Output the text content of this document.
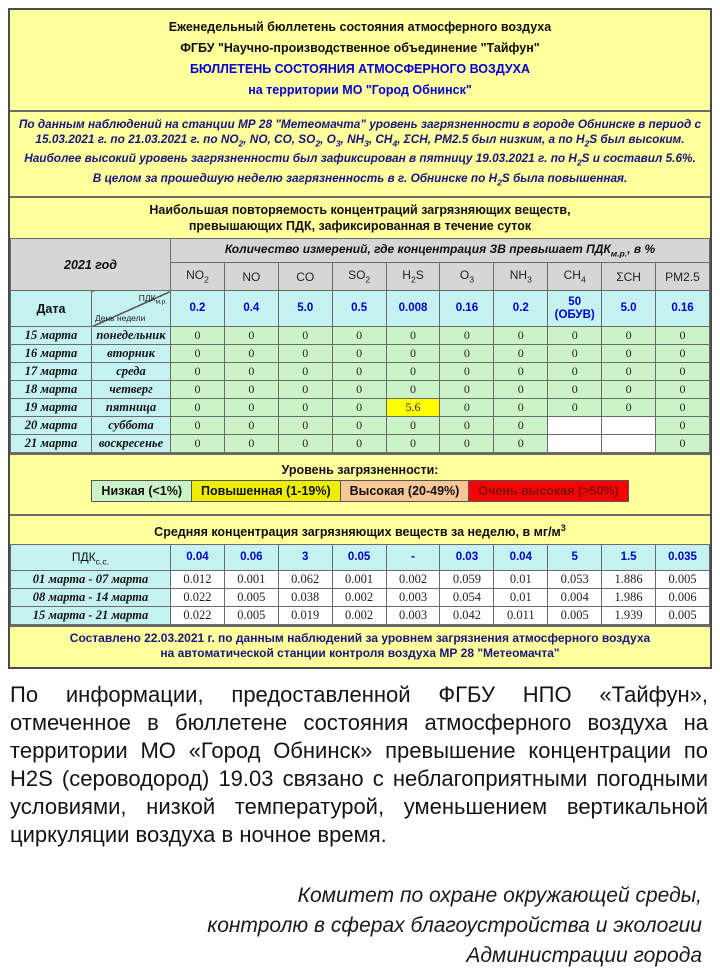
Еженедельный бюллетень состояния атмосферного воздуха
ФГБУ "Научно-производственное объединение "Тайфун"
БЮЛЛЕТЕНЬ СОСТОЯНИЯ АТМОСФЕРНОГО ВОЗДУХА
на территории МО "Город Обнинск"
По данным наблюдений на станции МР 28 "Метеомачта" уровень загрязненности в городе Обнинске в период с 15.03.2021 г. по 21.03.2021 г. по $NO_2$, NO, CO, $SO_2$, $O_3$, $NH_3$, $CH_4$, ΣCH, PM2.5 был низким, а по $H_2S$ был высоким. Наиболее высокий уровень загрязненности был зафиксирован в пятницу 19.03.2021 г. по $H_2S$ и составил 5.6%.
В целом за прошедшую неделю загрязненность в г. Обнинске по $H_2S$ была повышенная.
Наибольшая повторяемость концентраций загрязняющих веществ,
превышающих ПДК, зафиксированная в течение суток
2021 год		Количество измерений, где концентрация ЗВ превышает $ПДК_{м.р.}$, в %									
		$NO_2$	NO	CO	$SO_2$	$H_2S$	$O_3$	$NH_3$	$CH_4$	ΣCH	PM2.5
Дата	$ПДК_{м.р.}$
День недели	0.2	0.4	5.0	0.5	0.008	0.16	0.2	50 (ОБУВ)	5.0	0.16
15 марта	понедельник	0	0	0	0	0	0	0	0	0	0
16 марта	вторник	0	0	0	0	0	0	0	0	0	0
17 марта	среда	0	0	0	0	0	0	0	0	0	0
18 марта	четверг	0	0	0	0	0	0	0	0	0	0
19 марта	пятница	0	0	0	0	5.6	0	0	0	0	0
20 марта	суббота	0	0	0	0	0	0	0			0
21 марта	воскресенье	0	0	0	0	0	0	0			0
Уровень загрязненности:
Низкая (<1%)	Повышенная (1-19%)	Высокая (20-49%)	Очень высокая (>50%)
Средняя концентрация загрязняющих веществ за неделю, в $мг/м^3$
$ПДК_{с.с.}$	0.04	0.06	3	0.05	-	0.03	0.04	5	1.5	0.035
01 марта - 07 марта	0.012	0.001	0.062	0.001	0.002	0.059	0.01	0.053	1.886	0.005
08 марта - 14 марта	0.022	0.005	0.038	0.002	0.003	0.054	0.01	0.004	1.986	0.006
15 марта - 21 марта	0.022	0.005	0.019	0.002	0.003	0.042	0.011	0.005	1.939	0.005
Составлено 22.03.2021 г. по данным наблюдений за уровнем загрязнения атмосферного воздуха
на автоматической станции контроля воздуха МР 28 "Метеомачта"

По информации, предоставленной ФГБУ НПО «Тайфун», отмеченное в бюллетене состояния атмосферного воздуха на территории МО «Город Обнинск» превышение концентрации по H2S (сероводород) 19.03 связано с неблагоприятными погодными условиями, низкой температурой, уменьшением вертикальной циркуляции воздуха в ночное время.

Комитет по охране окружающей среды,
контролю в сферах благоустройства и экологии
Администрации города
